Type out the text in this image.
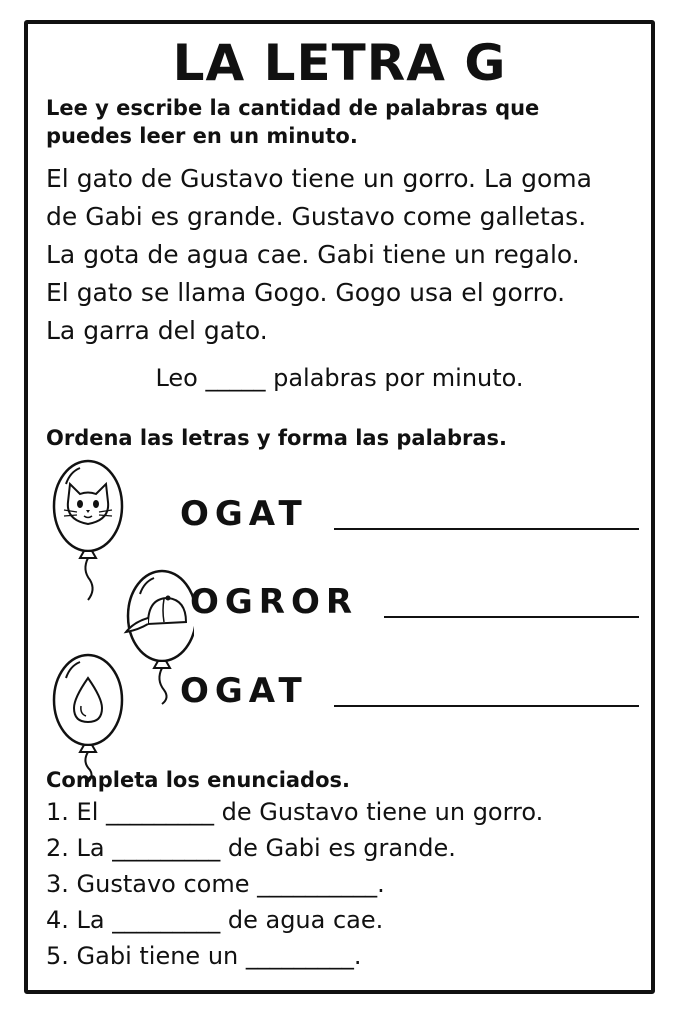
LA LETRA G
Lee y escribe la cantidad de palabras que
puedes leer en un minuto.
El gato de Gustavo tiene un gorro. La goma
de Gabi es grande. Gustavo come galletas.
La gota de agua cae. Gabi tiene un regalo.
El gato se llama Gogo. Gogo usa el gorro.
La garra del gato.
Leo _____ palabras por minuto.
Ordena las letras y forma las palabras.
OGAT
OGROR
OGAT
Completa los enunciados.
1. El _________ de Gustavo tiene un gorro.
2. La _________ de Gabi es grande.
3. Gustavo come __________.
4. La _________ de agua cae.
5. Gabi tiene un _________.
